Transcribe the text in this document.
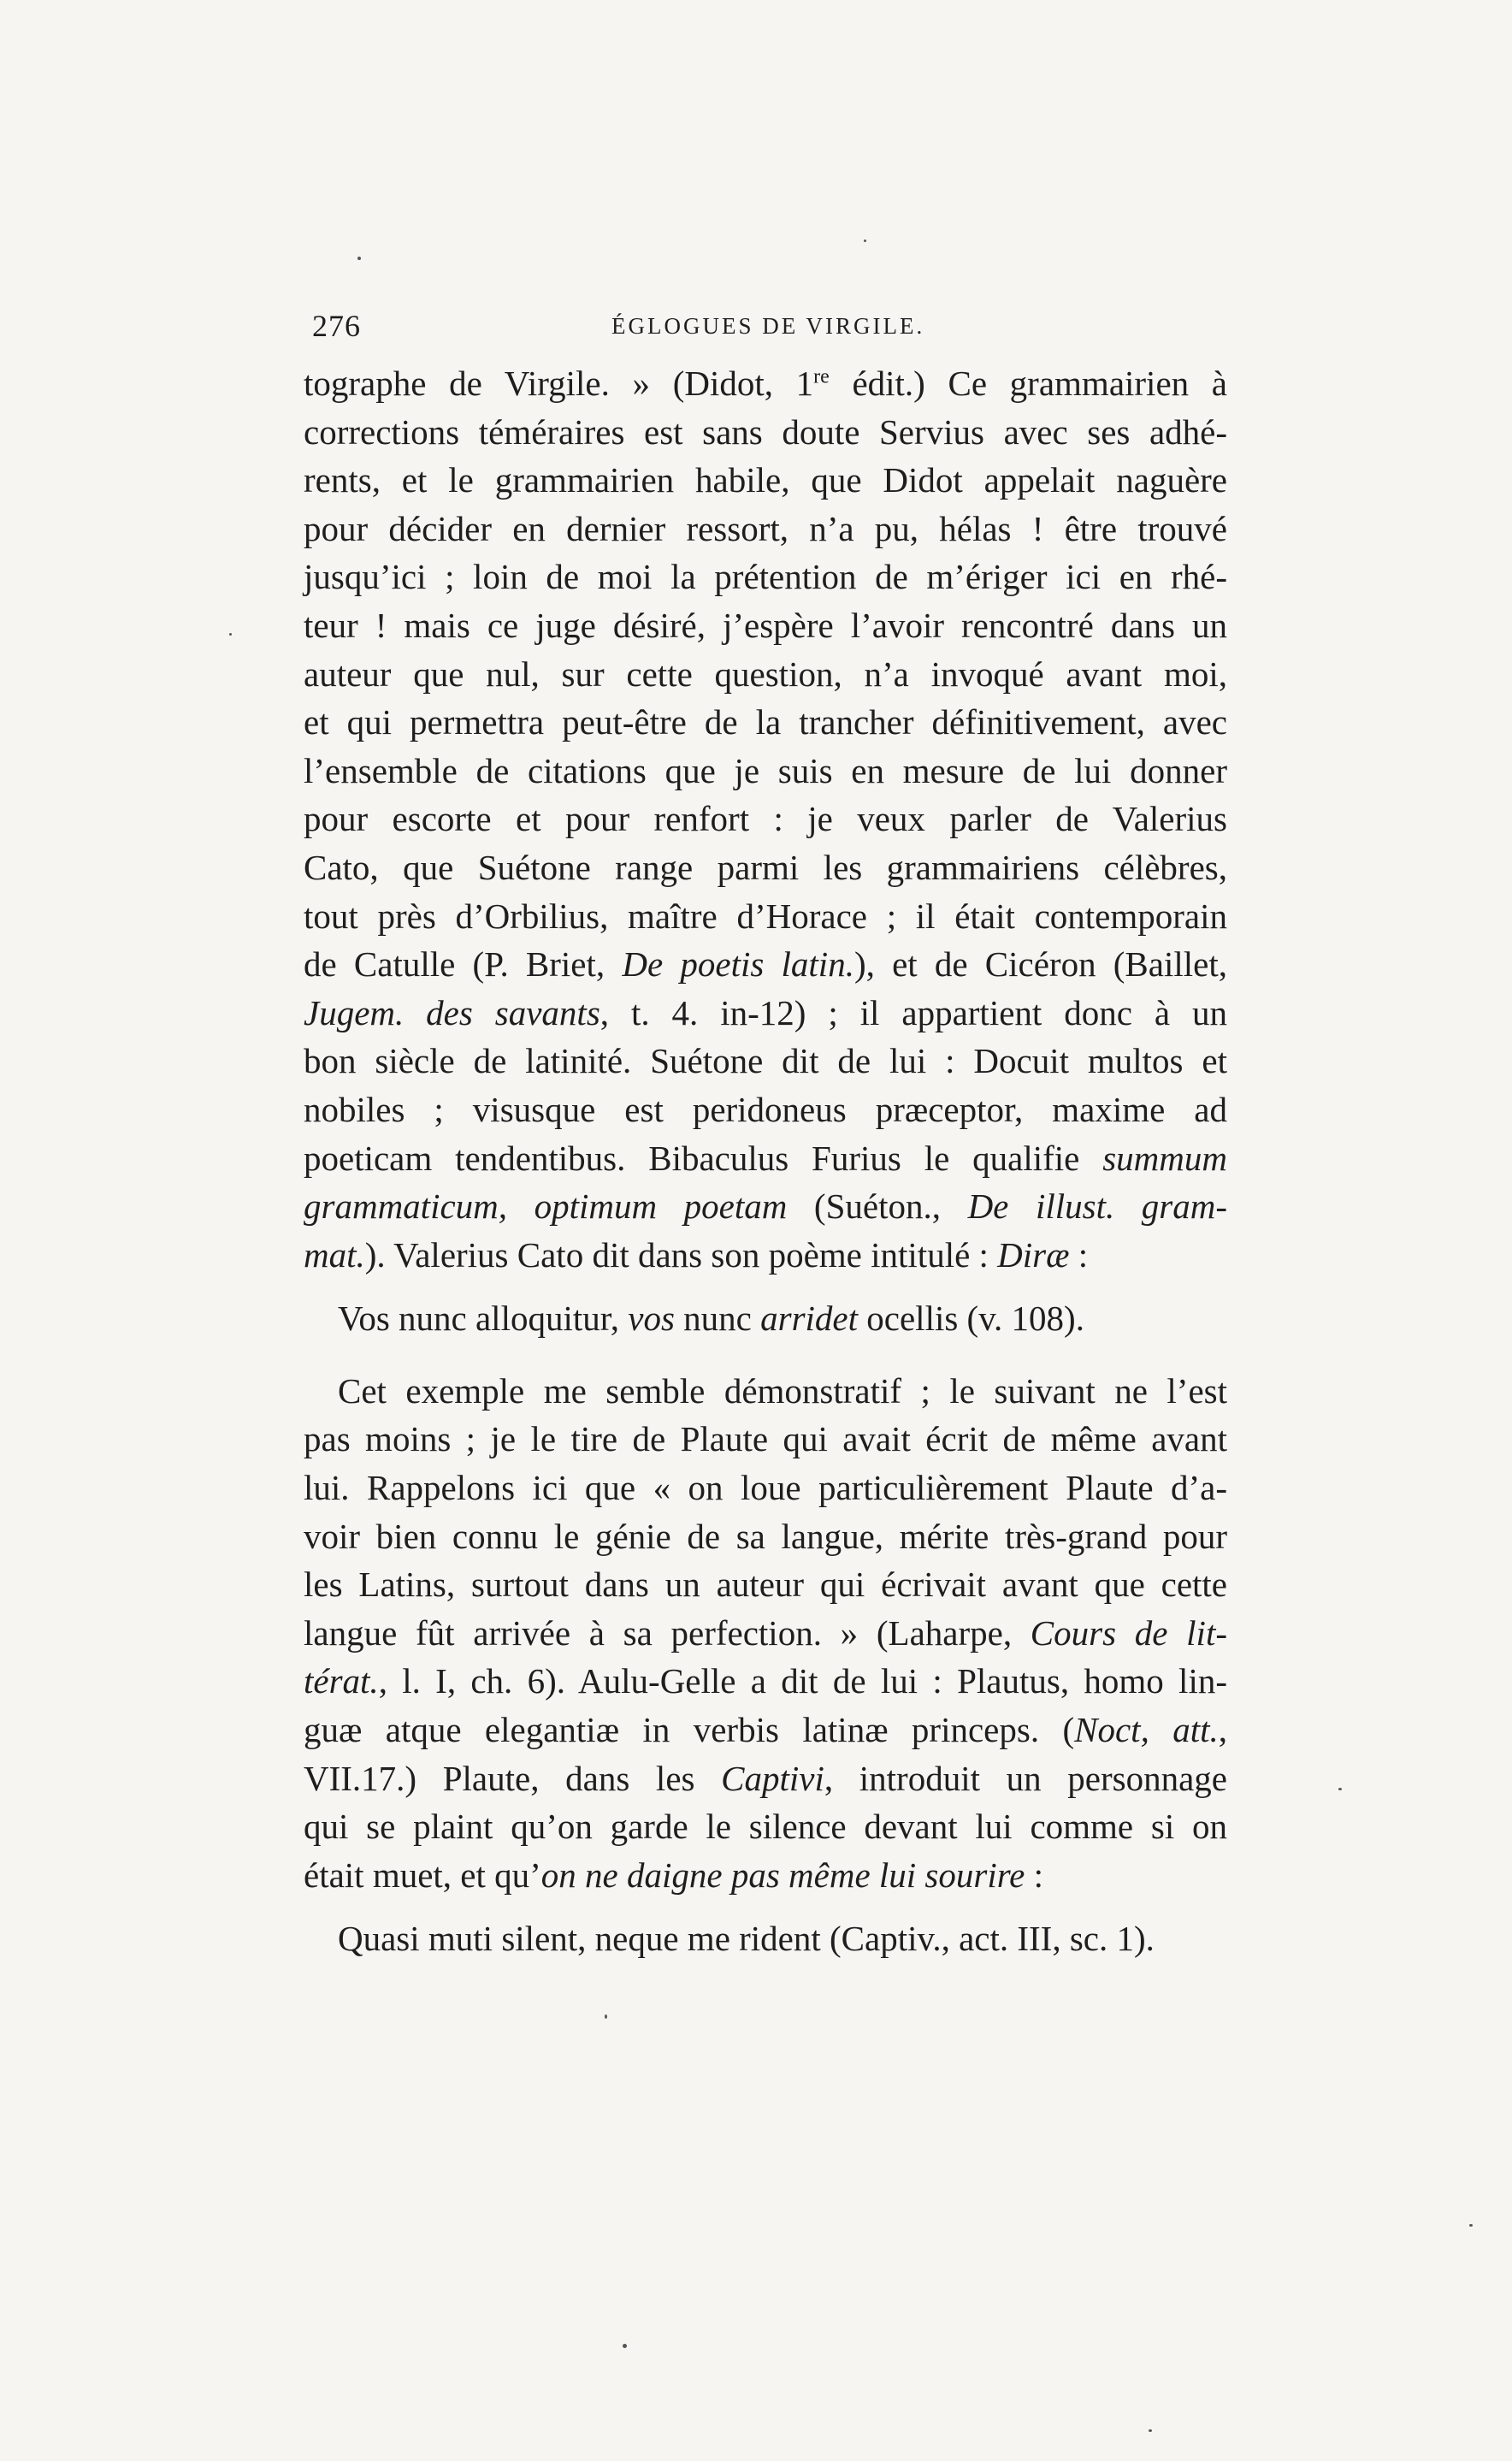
276	ÉGLOGUES DE VIRGILE.
tographe de Virgile. » (Didot, 1re édit.) Ce grammairien à
corrections téméraires est sans doute Servius avec ses adhé-
rents, et le grammairien habile, que Didot appelait naguère
pour décider en dernier ressort, n’a pu, hélas ! être trouvé
jusqu’ici ; loin de moi la prétention de m’ériger ici en rhé-
teur ! mais ce juge désiré, j’espère l’avoir rencontré dans un
auteur que nul, sur cette question, n’a invoqué avant moi,
et qui permettra peut-être de la trancher définitivement, avec
l’ensemble de citations que je suis en mesure de lui donner
pour escorte et pour renfort : je veux parler de Valerius
Cato, que Suétone range parmi les grammairiens célèbres,
tout près d’Orbilius, maître d’Horace ; il était contemporain
de Catulle (P. Briet, De poetis latin.), et de Cicéron (Baillet,
Jugem. des savants, t. 4. in-12) ; il appartient donc à un
bon siècle de latinité. Suétone dit de lui : Docuit multos et
nobiles ; visusque est peridoneus præceptor, maxime ad
poeticam tendentibus. Bibaculus Furius le qualifie summum
grammaticum, optimum poetam (Suéton., De illust. gram-
mat.). Valerius Cato dit dans son poème intitulé : Diræ :
Vos nunc alloquitur, vos nunc arridet ocellis (v. 108).
Cet exemple me semble démonstratif ; le suivant ne l’est
pas moins ; je le tire de Plaute qui avait écrit de même avant
lui. Rappelons ici que « on loue particulièrement Plaute d’a-
voir bien connu le génie de sa langue, mérite très-grand pour
les Latins, surtout dans un auteur qui écrivait avant que cette
langue fût arrivée à sa perfection. » (Laharpe, Cours de lit-
térat., l. I, ch. 6). Aulu-Gelle a dit de lui : Plautus, homo lin-
guæ atque elegantiæ in verbis latinæ princeps. (Noct, att.,
VII.17.) Plaute, dans les Captivi, introduit un personnage
qui se plaint qu’on garde le silence devant lui comme si on
était muet, et qu’on ne daigne pas même lui sourire :
Quasi muti silent, neque me rident (Captiv., act. III, sc. 1).
